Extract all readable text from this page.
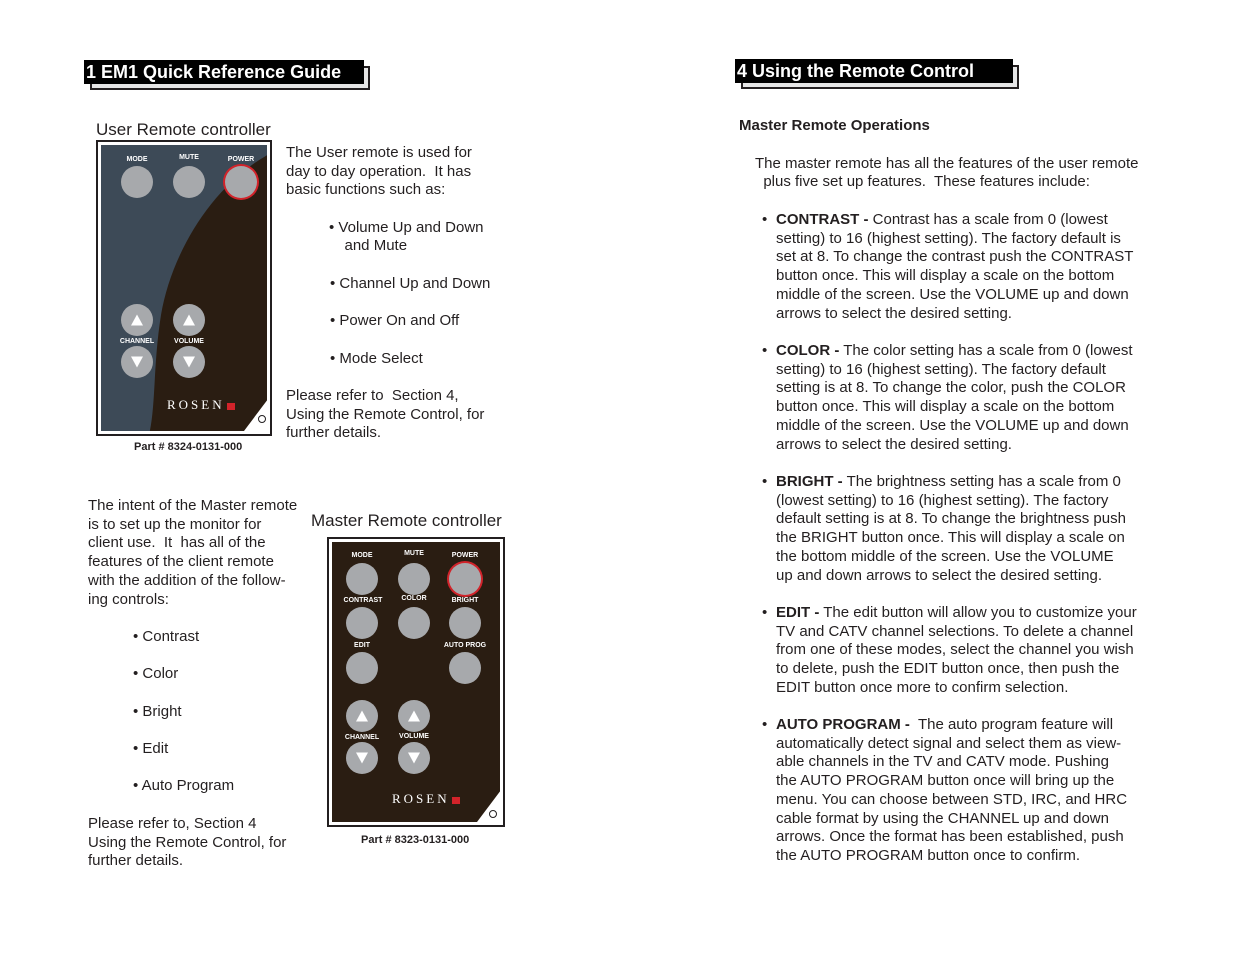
1 EM1 Quick Reference Guide
User Remote controller
MODE	MUTE	POWER
CHANNEL	VOLUME
ROSEN
Part # 8324-0131-000
The User remote is used for
day to day operation.  It has
basic functions such as:
• Volume Up and Down
and Mute
• Channel Up and Down
• Power On and Off
• Mode Select
Please refer to  Section 4,
Using the Remote Control, for
further details.
The intent of the Master remote
is to set up the monitor for
client use.  It  has all of the
features of the client remote
with the addition of the follow-
ing controls:
• Contrast
• Color
• Bright
• Edit
• Auto Program
Please refer to, Section 4
Using the Remote Control, for
further details.
Master Remote controller
MODE	MUTE	POWER
CONTRAST	COLOR	BRIGHT
EDIT	AUTO PROG
CHANNEL	VOLUME
ROSEN
Part # 8323-0131-000
4 Using the Remote Control
Master Remote Operations
The master remote has all the features of the user remote
plus five set up features.  These features include:
• CONTRAST - Contrast has a scale from 0 (lowest
setting) to 16 (highest setting). The factory default is
set at 8. To change the contrast push the CONTRAST
button once. This will display a scale on the bottom
middle of the screen. Use the VOLUME up and down
arrows to select the desired setting.
• COLOR - The color setting has a scale from 0 (lowest
setting) to 16 (highest setting). The factory default
setting is at 8. To change the color, push the COLOR
button once. This will display a scale on the bottom
middle of the screen. Use the VOLUME up and down
arrows to select the desired setting.
• BRIGHT - The brightness setting has a scale from 0
(lowest setting) to 16 (highest setting). The factory
default setting is at 8. To change the brightness push
the BRIGHT button once. This will display a scale on
the bottom middle of the screen. Use the VOLUME
up and down arrows to select the desired setting.
• EDIT - The edit button will allow you to customize your
TV and CATV channel selections. To delete a channel
from one of these modes, select the channel you wish
to delete, push the EDIT button once, then push the
EDIT button once more to confirm selection.
• AUTO PROGRAM -  The auto program feature will
automatically detect signal and select them as view-
able channels in the TV and CATV mode. Pushing
the AUTO PROGRAM button once will bring up the
menu. You can choose between STD, IRC, and HRC
cable format by using the CHANNEL up and down
arrows. Once the format has been established, push
the AUTO PROGRAM button once to confirm.
